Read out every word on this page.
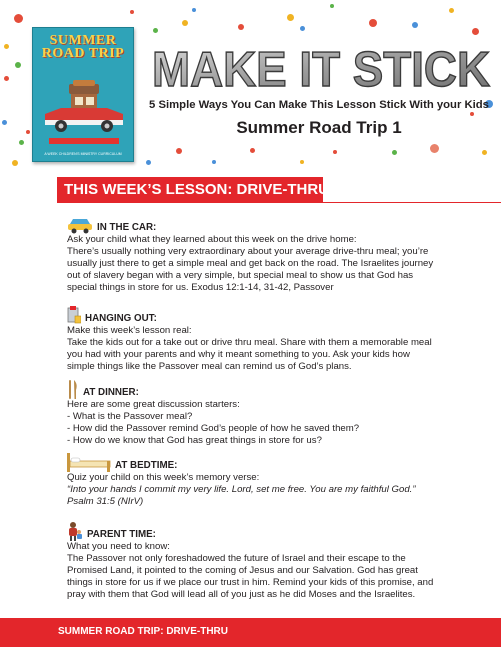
SUMMER
ROAD TRIP
A WEEK CHILDREN'S MINISTRY CURRICULUM
MAKE IT STICK
5 Simple Ways You Can Make This Lesson Stick With your Kids
Summer Road Trip 1
THIS WEEK’S LESSON: DRIVE-THRU
IN THE CAR:

Ask your child what they learned about this week on the drive home:

There’s usually nothing very extraordinary about your average drive-thru meal; you’re

usually just there to get a simple meal and get back on the road. The Israelites journey

out of slavery began with a very simple, but special meal to show us that God has

special things in store for us. Exodus 12:1-14, 31-42, Passover

HANGING OUT:

Make this week’s lesson real:

Take the kids out for a take out or drive thru meal. Share with them a memorable meal

you had with your parents and why it meant something to you. Ask your kids how

simple things like the Passover meal can remind us of God’s plans.

AT DINNER:

Here are some great discussion starters:

- What is the Passover meal?

- How did the Passover remind God’s people of how he saved them?

- How do we know that God has great things in store for us?

AT BEDTIME:

Quiz your child on this week’s memory verse:

“Into your hands I commit my very life. Lord, set me free. You are my faithful God.”

Psalm 31:5 (NIrV)

PARENT TIME:

What you need to know:

The Passover not only foreshadowed the future of Israel and their escape to the

Promised Land, it pointed to the coming of Jesus and our Salvation. God has great

things in store for us if we place our trust in him. Remind your kids of this promise, and

pray with them that God will lead all of you just as he did Moses and the Israelites.

SUMMER ROAD TRIP: DRIVE-THRU
